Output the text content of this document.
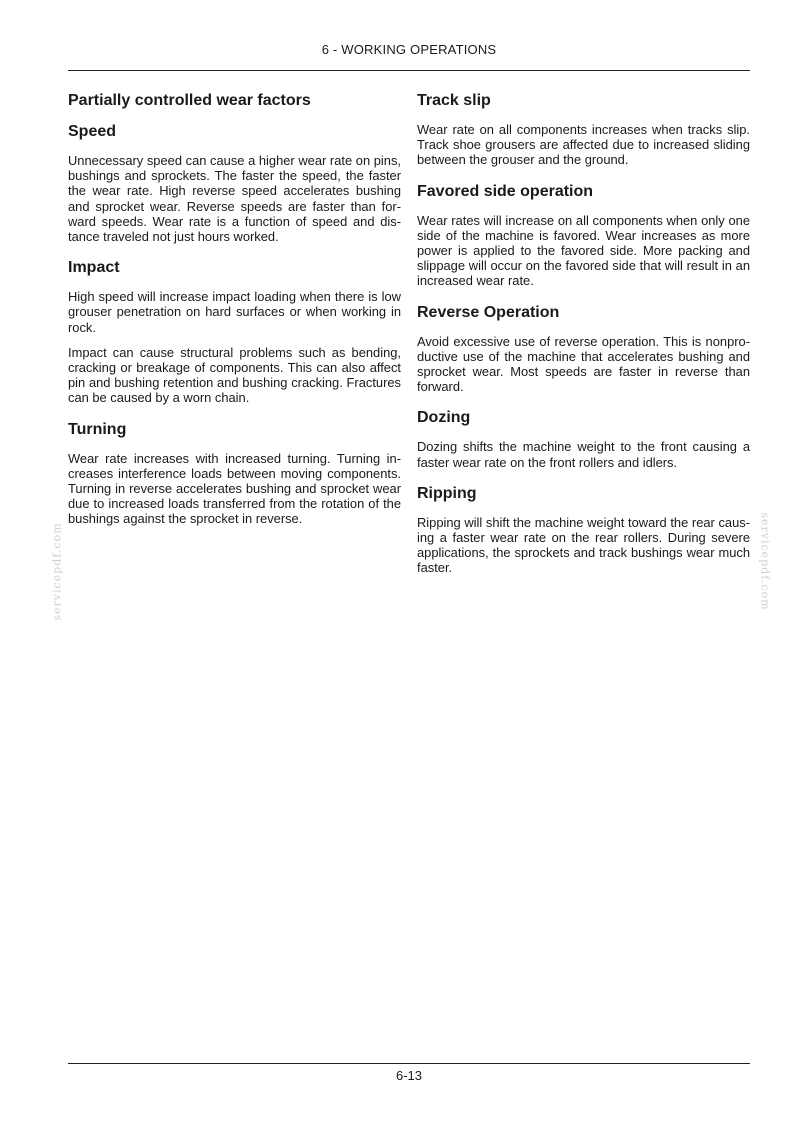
6 - WORKING OPERATIONS
Partially controlled wear factors
Speed

Unnecessary speed can cause a higher wear rate on pins, bushings and sprockets. The faster the speed, the faster the wear rate. High reverse speed accelerates bushing and sprocket wear. Reverse speeds are faster than forward speeds. Wear rate is a function of speed and distance traveled not just hours worked.

Impact

High speed will increase impact loading when there is low grouser penetration on hard surfaces or when working in rock.

Impact can cause structural problems such as bending, cracking or breakage of components. This can also affect pin and bushing retention and bushing cracking. Fractures can be caused by a worn chain.

Turning

Wear rate increases with increased turning. Turning increases interference loads between moving components. Turning in reverse accelerates bushing and sprocket wear due to increased loads transferred from the rotation of the bushings against the sprocket in reverse.

Track slip

Wear rate on all components increases when tracks slip. Track shoe grousers are affected due to increased sliding between the grouser and the ground.

Favored side operation

Wear rates will increase on all components when only one side of the machine is favored. Wear increases as more power is applied to the favored side. More packing and slippage will occur on the favored side that will result in an increased wear rate.

Reverse Operation

Avoid excessive use of reverse operation. This is nonproductive use of the machine that accelerates bushing and sprocket wear. Most speeds are faster in reverse than forward.

Dozing

Dozing shifts the machine weight to the front causing a faster wear rate on the front rollers and idlers.

Ripping

Ripping will shift the machine weight toward the rear causing a faster wear rate on the rear rollers. During severe applications, the sprockets and track bushings wear much faster.

servicepdf.com	servicepdf.com
6-13
